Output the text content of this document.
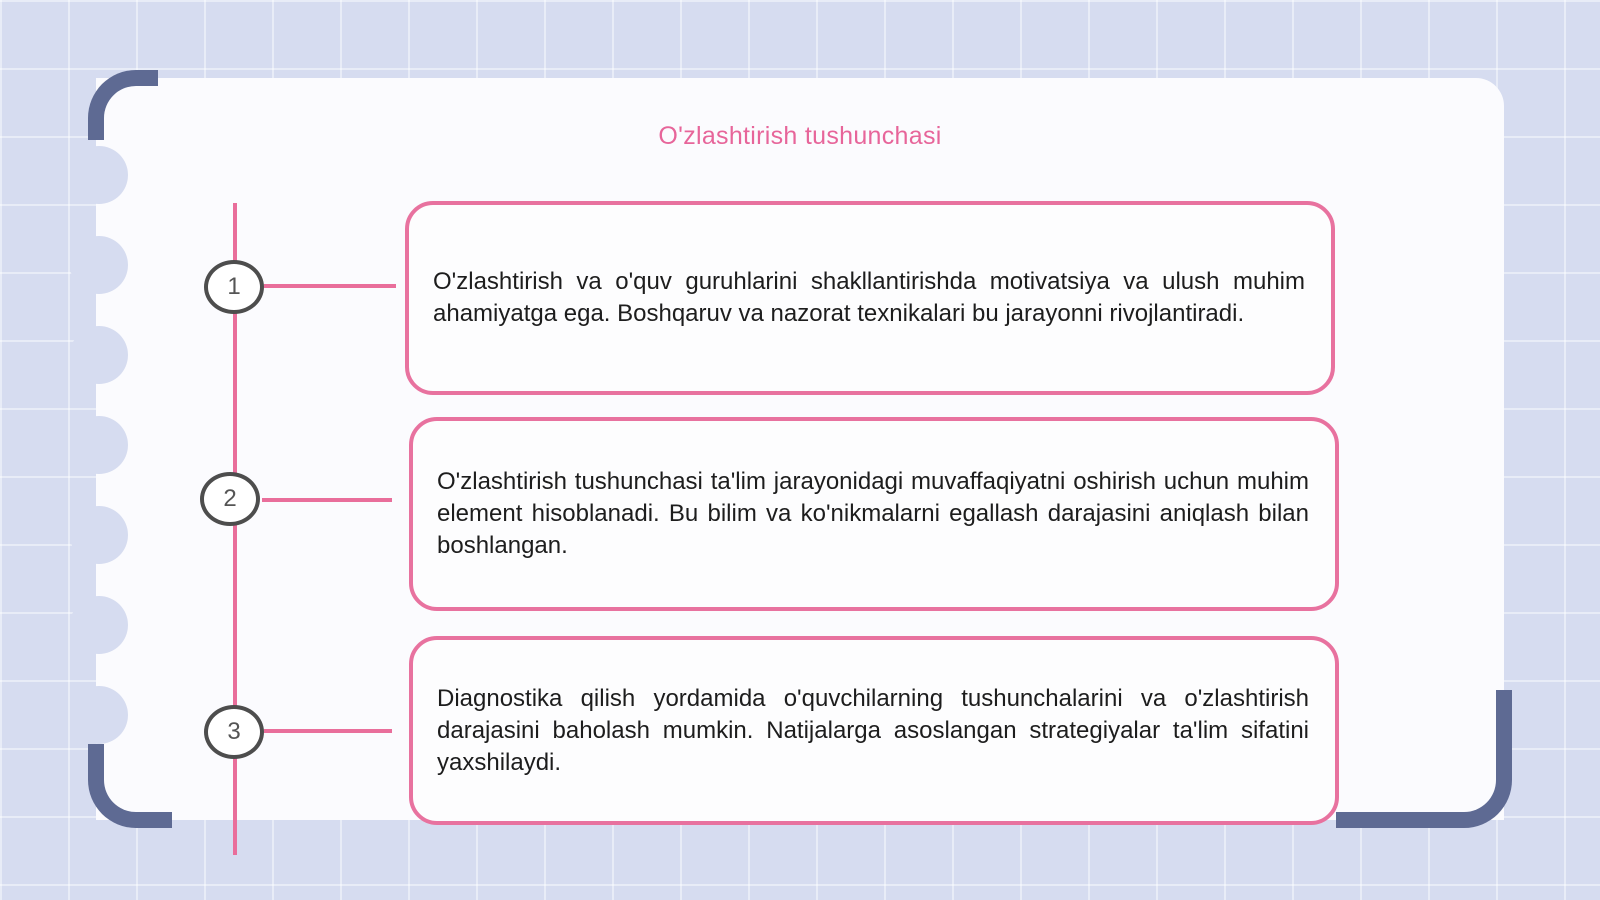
O'zlashtirish tushunchasi
1
2
3

O'zlashtirish va o'quv guruhlarini shakllantirishda motivatsiya va ulush muhim ahamiyatga ega. Boshqaruv va nazorat texnikalari bu jarayonni rivojlantiradi.

O'zlashtirish tushunchasi ta'lim jarayonidagi muvaffaqiyatni oshirish uchun muhim element hisoblanadi. Bu bilim va ko'nikmalarni egallash darajasini aniqlash bilan boshlangan.

Diagnostika qilish yordamida o'quvchilarning tushunchalarini va o'zlashtirish darajasini baholash mumkin. Natijalarga asoslangan strategiyalar ta'lim sifatini yaxshilaydi.
